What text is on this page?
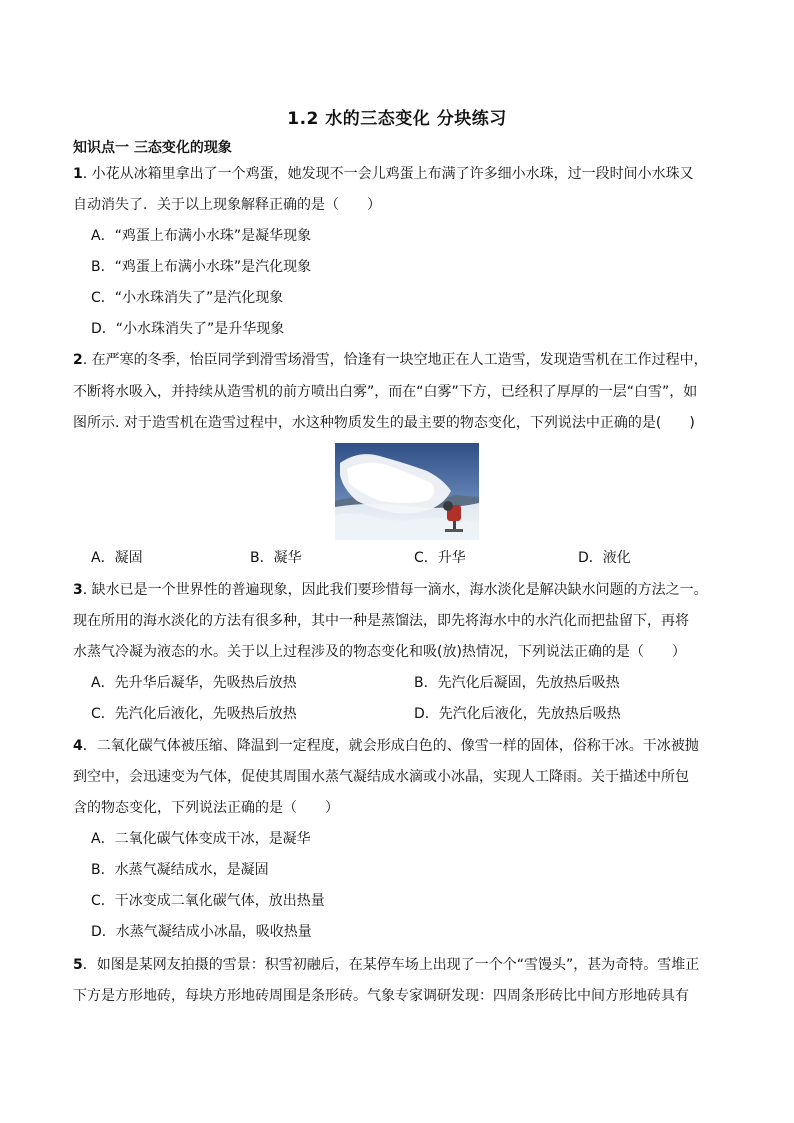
1.2 水的三态变化 分块练习
知识点一 三态变化的现象
1. 小花从冰箱里拿出了一个鸡蛋，她发现不一会儿鸡蛋上布满了许多细小水珠，过一段时间小水珠又
自动消失了．关于以上现象解释正确的是（　　）
A．“鸡蛋上布满小水珠”是凝华现象
B．“鸡蛋上布满小水珠”是汽化现象
C．“小水珠消失了”是汽化现象
D．“小水珠消失了”是升华现象
2. 在严寒的冬季，怡臣同学到滑雪场滑雪，恰逢有一块空地正在人工造雪，发现造雪机在工作过程中，
不断将水吸入，并持续从造雪机的前方喷出白雾”，而在“白雾”下方，已经积了厚厚的一层“白雪”，如
图所示. 对于造雪机在造雪过程中，水这种物质发生的最主要的物态变化，下列说法中正确的是(　　)
A．凝固	B．凝华	C．升华	D．液化
3. 缺水已是一个世界性的普遍现象，因此我们要珍惜每一滴水，海水淡化是解决缺水问题的方法之一。
现在所用的海水淡化的方法有很多种，其中一种是蒸馏法，即先将海水中的水汽化而把盐留下，再将
水蒸气冷凝为液态的水。关于以上过程涉及的物态变化和吸(放)热情况，下列说法正确的是（　　）
A．先升华后凝华，先吸热后放热	B．先汽化后凝固，先放热后吸热
C．先汽化后液化，先吸热后放热	D．先汽化后液化，先放热后吸热
4．二氧化碳气体被压缩、降温到一定程度，就会形成白色的、像雪一样的固体，俗称干冰。干冰被抛
到空中，会迅速变为气体，促使其周围水蒸气凝结成水滴或小冰晶，实现人工降雨。关于描述中所包
含的物态变化，下列说法正确的是（　　）
A．二氧化碳气体变成干冰，是凝华
B．水蒸气凝结成水，是凝固
C．干冰变成二氧化碳气体，放出热量
D．水蒸气凝结成小冰晶，吸收热量
5．如图是某网友拍摄的雪景：积雪初融后，在某停车场上出现了一个个“雪馒头”，甚为奇特。雪堆正
下方是方形地砖，每块方形地砖周围是条形砖。气象专家调研发现：四周条形砖比中间方形地砖具有
